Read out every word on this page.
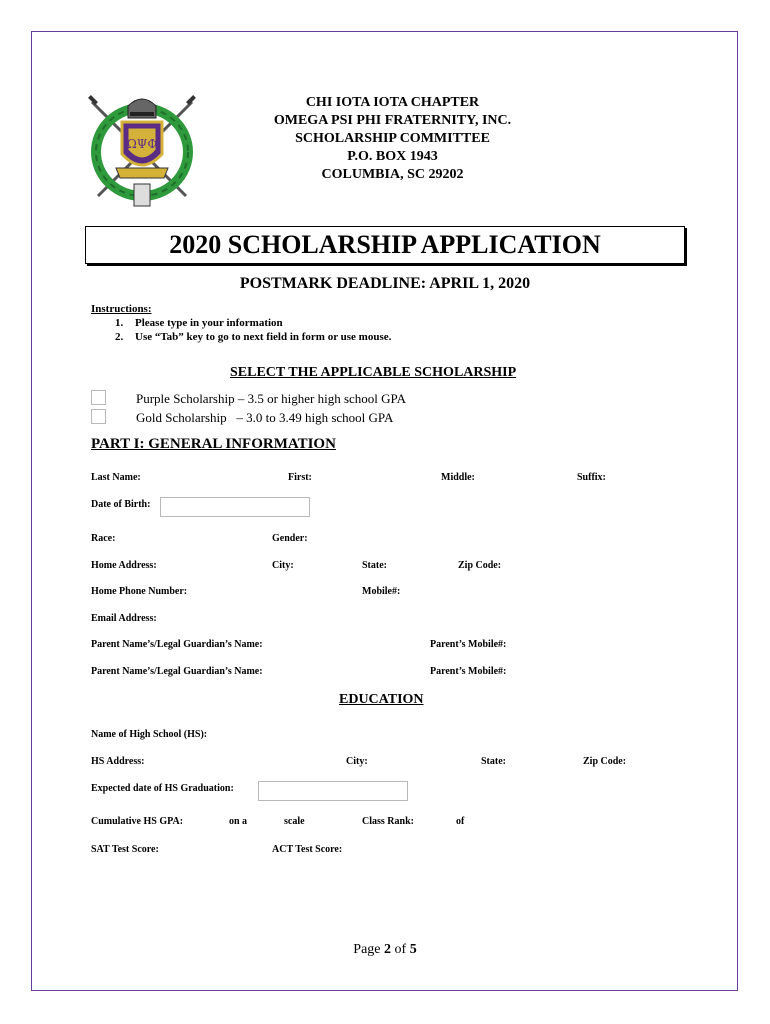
ΩΨΦ
CHI IOTA IOTA CHAPTER
OMEGA PSI PHI FRATERNITY, INC.
SCHOLARSHIP COMMITTEE
P.O. BOX 1943
COLUMBIA, SC 29202
2020 SCHOLARSHIP APPLICATION
POSTMARK DEADLINE: APRIL 1, 2020
Instructions:
1. Please type in your information
2. Use “Tab” key to go to next field in form or use mouse.
SELECT THE APPLICABLE SCHOLARSHIP
Purple Scholarship – 3.5 or higher high school GPA
Gold Scholarship   – 3.0 to 3.49 high school GPA
PART I: GENERAL INFORMATION
Last Name:	First:	Middle:	Suffix:
Date of Birth:
Race:	Gender:
Home Address:	City:	State:	Zip Code:
Home Phone Number:	Mobile#:
Email Address:
Parent Name’s/Legal Guardian’s Name:	Parent’s Mobile#:
Parent Name’s/Legal Guardian’s Name:	Parent’s Mobile#:
EDUCATION
Name of High School (HS):
HS Address:	City:	State:	Zip Code:
Expected date of HS Graduation:
Cumulative HS GPA:	on a	scale	Class Rank:	of
SAT Test Score:	ACT Test Score:
Page 2 of 5
